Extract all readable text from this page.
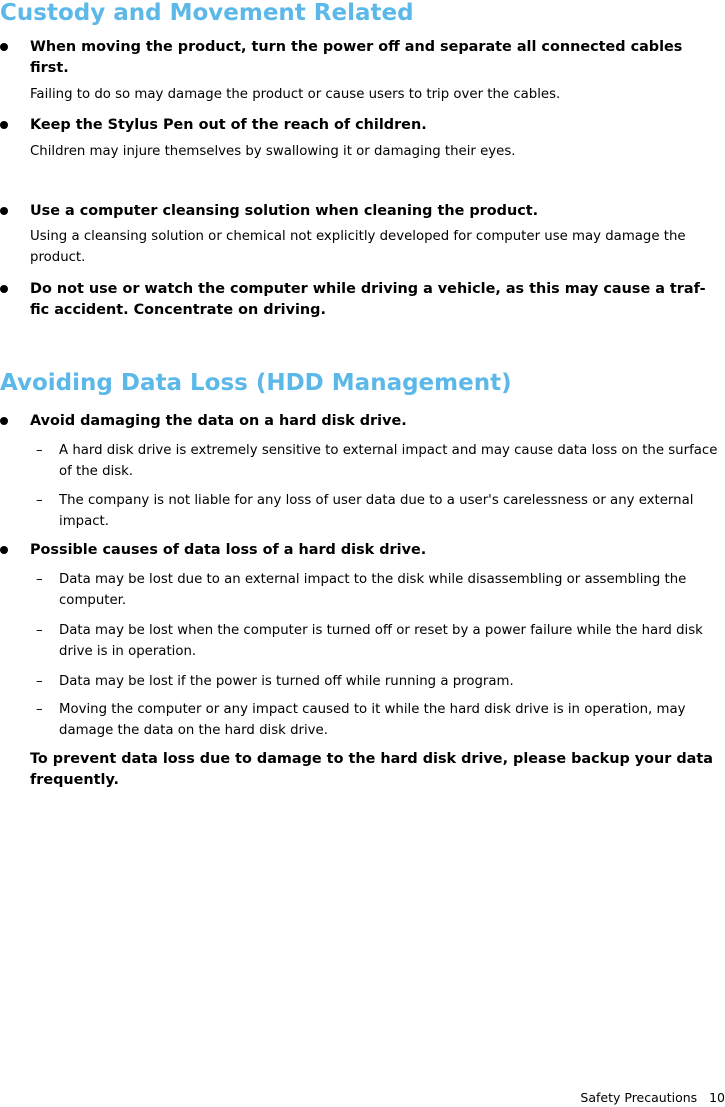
Custody and Movement Related
When moving the product, turn the power off and separate all connected cables first.
Failing to do so may damage the product or cause users to trip over the cables.
Keep the Stylus Pen out of the reach of children.
Children may injure themselves by swallowing it or damaging their eyes.
Use a computer cleansing solution when cleaning the product.
Using a cleansing solution or chemical not explicitly developed for computer use may damage the product.
Do not use or watch the computer while driving a vehicle, as this may cause a traf-fic accident. Concentrate on driving.
Avoiding Data Loss (HDD Management)
Avoid damaging the data on a hard disk drive.
– A hard disk drive is extremely sensitive to external impact and may cause data loss on the surface of the disk.
– The company is not liable for any loss of user data due to a user's carelessness or any external impact.
Possible causes of data loss of a hard disk drive.
– Data may be lost due to an external impact to the disk while disassembling or assembling the computer.
– Data may be lost when the computer is turned off or reset by a power failure while the hard disk drive is in operation.
– Data may be lost if the power is turned off while running a program.
– Moving the computer or any impact caused to it while the hard disk drive is in operation, may damage the data on the hard disk drive.
To prevent data loss due to damage to the hard disk drive, please backup your data frequently.
Safety Precautions 10
